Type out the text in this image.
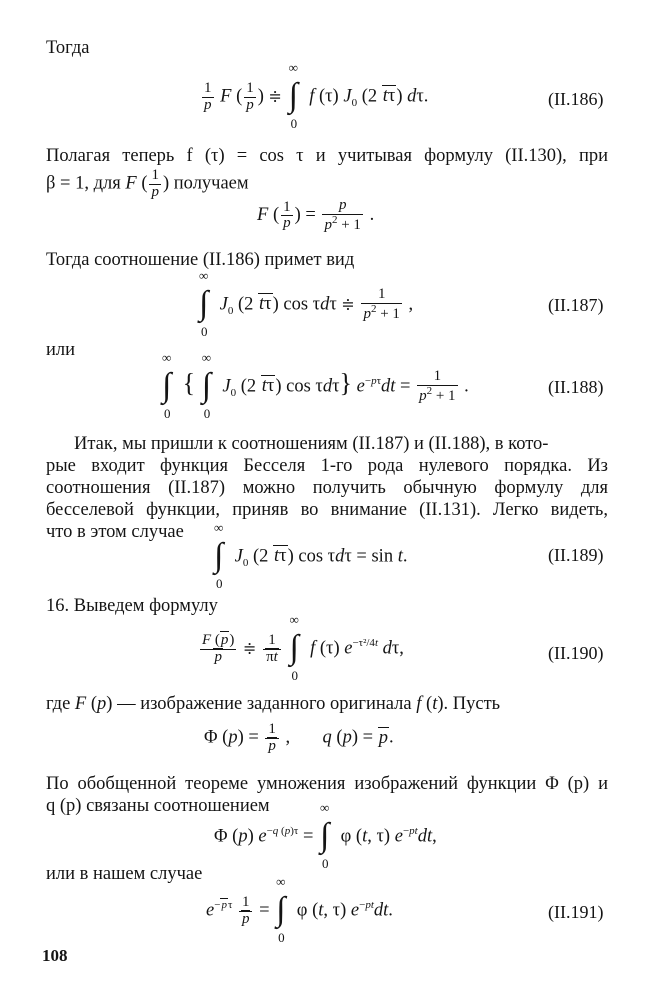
Тогда
$\frac{1}{p}$ F ( $\frac{1}{p}$ ) ≑
∞
∫
0
f (τ) $J_0$ (2 tτ) dτ.	(II.186)
Полагая теперь f (τ) = cos τ и учитывая формулу (II.130), при
β = 1, для F ( $\frac{1}{p}$ ) получаем
F ( $\frac{1}{p}$ ) = $\frac{p}{p^2 + 1}$ .
Тогда соотношение (II.186) примет вид
∞
∫
0
$J_0$ (2 tτ) cos τdτ ≑ $\frac{1}{p^2 + 1}$ ,	(II.187)
или	∞
∫
0
{
∞
∫
0
$J_0$ (2 tτ) cos τdτ} $e^{-p\tau}dt = \frac{1}{p^2 + 1}$ .	(II.188)
Итак, мы пришли к соотношениям (II.187) и (II.188), в кото-
рые входит функция Бесселя 1-го рода нулевого порядка. Из
соотношения (II.187) можно получить обычную формулу для
бесселевой функции, приняв во внимание (II.131). Легко видеть,
что в этом случае ∞
∫
0
$J_0$ (2 tτ) cos τdτ = sin t.	(II.189)
16. Выведем формулу
$\frac{F (p)}{p}$ ≑ $\frac{1}{\pi t}$

∞
∫
0
f (τ) $e^{-\tau^2/4t}$ dτ,	(II.190)
где F (p) — изображение заданного оригинала f (t). Пусть
Φ $(p) = \frac{1}{p}$ ,       q (p) = p.
По обобщенной теореме умножения изображений функции Φ (p) и
q (p) связаны соотношением
Φ (p) $e^{-q (p)\tau}$ =
∞
∫
0
φ (t, τ) $e^{-pt}dt$,
или в нашем случае
$e^{-p\tau} \frac{1}{p}$ =
∞
∫
0
φ (t, τ) $e^{-pt}dt$.	(II.191)
108
